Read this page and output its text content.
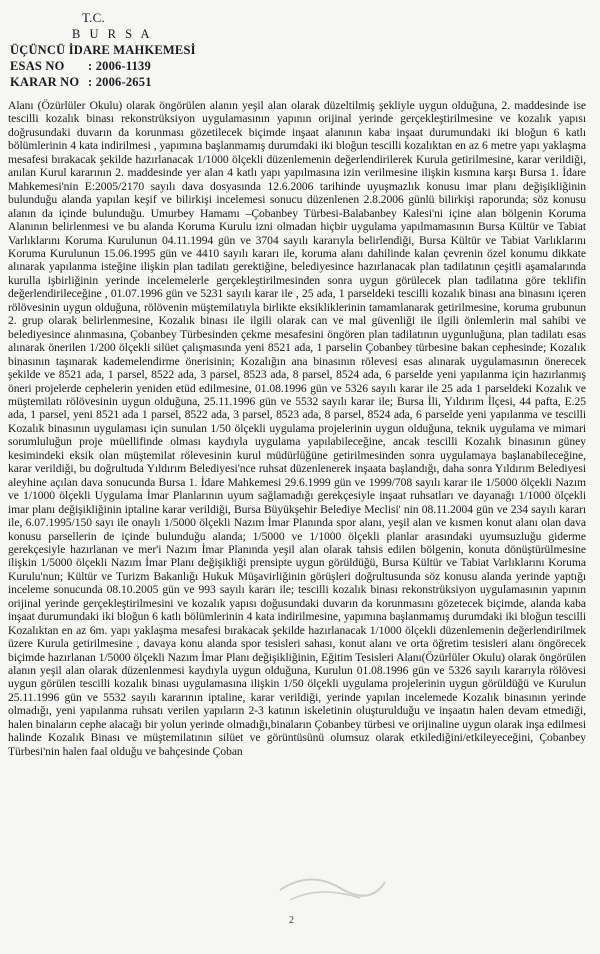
T.C.
B U R S A
ÜÇÜNCÜ İDARE MAHKEMESİ
ESAS NO	: 2006-1139
KARAR NO : 2006-2651

Alanı (Özürlüler Okulu) olarak öngörülen alanın yeşil alan olarak düzeltilmiş şekliyle uygun olduğuna, 2. maddesinde ise tescilli kozalık binası rekonstrüksiyon uygulamasının yapının orijinal yerinde gerçekleştirilmesine ve kozalık yapısı doğrusundaki duvarın da korunması gözetilecek biçimde inşaat alanının kaba inşaat durumundaki iki bloğun 6 katlı bölümlerinin 4 kata indirilmesi , yapımına başlanmamış durumdaki iki bloğun tescilli kozalıktan en az 6 metre yapı yaklaşma mesafesi bırakacak şekilde hazırlanacak 1/1000 ölçekli düzenlemenin değerlendirilerek Kurula getirilmesine, karar verildiği, anılan Kurul kararının 2. maddesinde yer alan 4 katlı yapı yapılmasına izin verilmesine ilişkin kısmına karşı Bursa 1. İdare Mahkemesi'nin E:2005/2170 sayılı dava dosyasında 12.6.2006 tarihinde uyuşmazlık konusu imar planı değişikliğinin bulunduğu alanda yapılan keşif ve bilirkişi incelemesi sonucu düzenlenen 2.8.2006 günlü bilirkişi raporunda; söz konusu alanın da içinde bulunduğu. Umurbey Hamamı –Çobanbey Türbesi-Balabanbey Kalesi'ni içine alan bölgenin Koruma Alanının belirlenmesi ve bu alanda Koruma Kurulu izni olmadan hiçbir uygulama yapılmamasının Bursa Kültür ve Tabiat Varlıklarını Koruma Kurulunun 04.11.1994 gün ve 3704 sayılı kararıyla belirlendiği, Bursa Kültür ve Tabiat Varlıklarını Koruma Kurulunun 15.06.1995 gün ve 4410 sayılı kararı ile, koruma alanı dahilinde kalan çevrenin özel konumu dikkate alınarak yapılanma isteğine ilişkin plan tadilatı gerektiğine, belediyesince hazırlanacak plan tadilatının çeşitli aşamalarında kurulla işbirliğinin yerinde incelemelerle gerçekleştirilmesinden sonra uygun görülecek plan tadilatına göre teklifin değerlendirileceğine , 01.07.1996 gün ve 5231 sayılı karar ile , 25 ada, 1 parseldeki tescilli kozalık binası ana binasını içeren rölövesinin uygun olduğuna, rölövenin müştemilatıyla birlikte eksikliklerinin tamamlanarak getirilmesine, koruma grubunun 2. grup olarak belirlenmesine, Kozalık binası ile ilgili olarak can ve mal güvenliği ile ilgili önlemlerin mal sahibi ve belediyesince alınmasına, Çobanbey Türbesinden çekme mesafesini öngören plan tadilatının uygunluğuna, plan tadilatı esas alınarak önerilen 1/200 ölçekli silüet çalışmasında yeni 8521 ada, 1 parselin Çobanbey türbesine bakan cephesinde; Kozalık binasının taşınarak kademelendirme önerisinin; Kozalığın ana binasının rölevesi esas alınarak uygulamasının önerecek şekilde ve 8521 ada, 1 parsel, 8522 ada, 3 parsel, 8523 ada, 8 parsel, 8524 ada, 6 parselde yeni yapılanma için hazırlanmış öneri projelerde cephelerin yeniden etüd edilmesine, 01.08.1996 gün ve 5326 sayılı karar ile 25 ada 1 parseldeki Kozalık ve müştemilatı rölövesinin uygun olduğuna, 25.11.1996 gün ve 5532 sayılı karar ile; Bursa İli, Yıldırım İlçesi, 44 pafta, E.25 ada, 1 parsel, yeni 8521 ada 1 parsel, 8522 ada, 3 parsel, 8523 ada, 8 parsel, 8524 ada, 6 parselde yeni yapılanma ve tescilli Kozalık binasının uygulaması için sunulan 1/50 ölçekli uygulama projelerinin uygun olduğuna, teknik uygulama ve mimari sorumluluğun proje müellifinde olması kaydıyla uygulama yapılabileceğine, ancak tescilli Kozalık binasının güney kesimindeki eksik olan müştemilat rölevesinin kurul müdürlüğüne getirilmesinden sonra uygulamaya başlanabileceğine, karar verildiği, bu doğrultuda Yıldırım Belediyesi'nce ruhsat düzenlenerek inşaata başlandığı, daha sonra Yıldırım Belediyesi aleyhine açılan dava sonucunda Bursa 1. İdare Mahkemesi 29.6.1999 gün ve 1999/708 sayılı karar ile 1/5000 ölçekli Nazım ve 1/1000 ölçekli Uygulama İmar Planlarının uyum sağlamadığı gerekçesiyle inşaat ruhsatları ve dayanağı 1/1000 ölçekli imar planı değişikliğinin iptaline karar verildiği, Bursa Büyükşehir Belediye Meclisi' nin 08.11.2004 gün ve 234 sayılı kararı ile, 6.07.1995/150 sayı ile onaylı 1/5000 ölçekli Nazım İmar Planında spor alanı, yeşil alan ve kısmen konut alanı olan dava konusu parsellerin de içinde bulunduğu alanda; 1/5000 ve 1/1000 ölçekli planlar arasındaki uyumsuzluğu giderme gerekçesiyle hazırlanan ve mer'i Nazım İmar Planında yeşil alan olarak tahsis edilen bölgenin, konuta dönüştürülmesine ilişkin 1/5000 ölçekli Nazım İmar Planı değişikliği prensipte uygun görüldüğü, Bursa Kültür ve Tabiat Varlıklarını Koruma Kurulu'nun; Kültür ve Turizm Bakanlığı Hukuk Müşavirliğinin görüşleri doğrultusunda söz konusu alanda yerinde yaptığı inceleme sonucunda 08.10.2005 gün ve 993 sayılı kararı ile; tescilli kozalık binası rekonstrüksiyon uygulamasının yapının orijinal yerinde gerçekleştirilmesini ve kozalık yapısı doğusundaki duvarın da korunmasını gözetecek biçimde, alanda kaba inşaat durumundaki iki bloğun 6 katlı bölümlerinin 4 kata indirilmesine, yapımına başlanmamış durumdaki iki bloğun tescilli Kozalıktan en az 6m. yapı yaklaşma mesafesi bırakacak şekilde hazırlanacak 1/1000 ölçekli düzenlemenin değerlendirilmek üzere Kurula getirilmesine , davaya konu alanda spor tesisleri sahası, konut alanı ve orta öğretim tesisleri alanı öngörecek biçimde hazırlanan 1/5000 ölçekli Nazım İmar Planı değişikliğinin, Eğitim Tesisleri Alanı(Özürlüler Okulu) olarak öngörülen alanın yeşil alan olarak düzenlenmesi kaydıyla uygun olduğuna, Kurulun 01.08.1996 gün ve 5326 sayılı kararıyla rölövesi uygun görülen tescilli kozalık binası uygulamasına ilişkin 1/50 ölçekli uygulama projelerinin uygun görüldüğü ve Kurulun 25.11.1996 gün ve 5532 sayılı kararının iptaline, karar verildiği, yerinde yapılan incelemede Kozalık binasının yerinde olmadığı, yeni yapılanma ruhsatı verilen yapıların 2-3 katının iskeletinin oluşturulduğu ve inşaatın halen devam etmediği, halen binaların cephe alacağı bir yolun yerinde olmadığı,binaların Çobanbey türbesi ve orijinaline uygun olarak inşa edilmesi halinde Kozalık Binası ve müştemilatının silüet ve görüntüsünü olumsuz olarak etkilediğini/etkileyeceğini, Çobanbey Türbesi'nin halen faal olduğu ve bahçesinde Çoban

2
